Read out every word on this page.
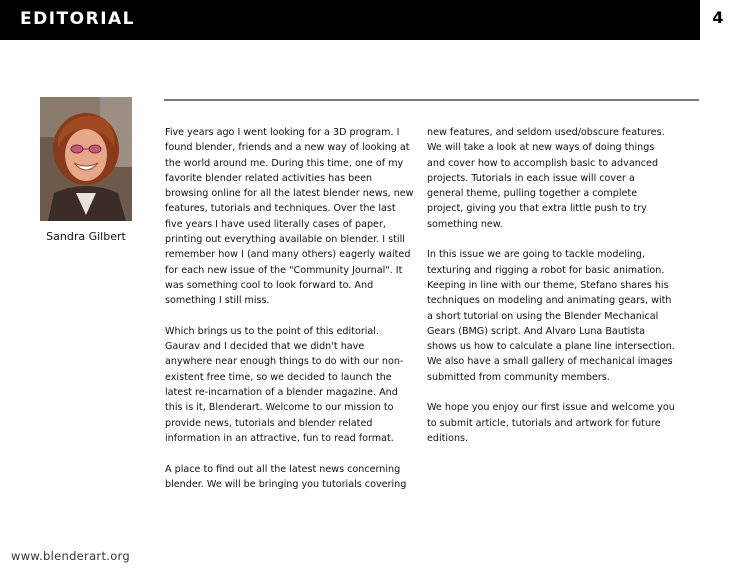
EDITORIAL	4
Sandra Gilbert

Five years ago I went looking for a 3D program. I
found blender, friends and a new way of looking at
the world around me. During this time, one of my
favorite blender related activities has been
browsing online for all the latest blender news, new
features, tutorials and techniques. Over the last
five years I have used literally cases of paper,
printing out everything available on blender. I still
remember how I (and many others) eagerly waited
for each new issue of the "Community Journal". It
was something cool to look forward to. And
something I still miss.

Which brings us to the point of this editorial.
Gaurav and I decided that we didn't have
anywhere near enough things to do with our non-
existent free time, so we decided to launch the
latest re-incarnation of a blender magazine. And
this is it, Blenderart. Welcome to our mission to
provide news, tutorials and blender related
information in an attractive, fun to read format.

A place to find out all the latest news concerning
blender. We will be bringing you tutorials covering

new features, and seldom used/obscure features.
We will take a look at new ways of doing things
and cover how to accomplish basic to advanced
projects. Tutorials in each issue will cover a
general theme, pulling together a complete
project, giving you that extra little push to try
something new.

In this issue we are going to tackle modeling,
texturing and rigging a robot for basic animation.
Keeping in line with our theme, Stefano shares his
techniques on modeling and animating gears, with
a short tutorial on using the Blender Mechanical
Gears (BMG) script. And Alvaro Luna Bautista
shows us how to calculate a plane line intersection.
We also have a small gallery of mechanical images
submitted from community members.

We hope you enjoy our first issue and welcome you
to submit article, tutorials and artwork for future
editions.

www.blenderart.org
